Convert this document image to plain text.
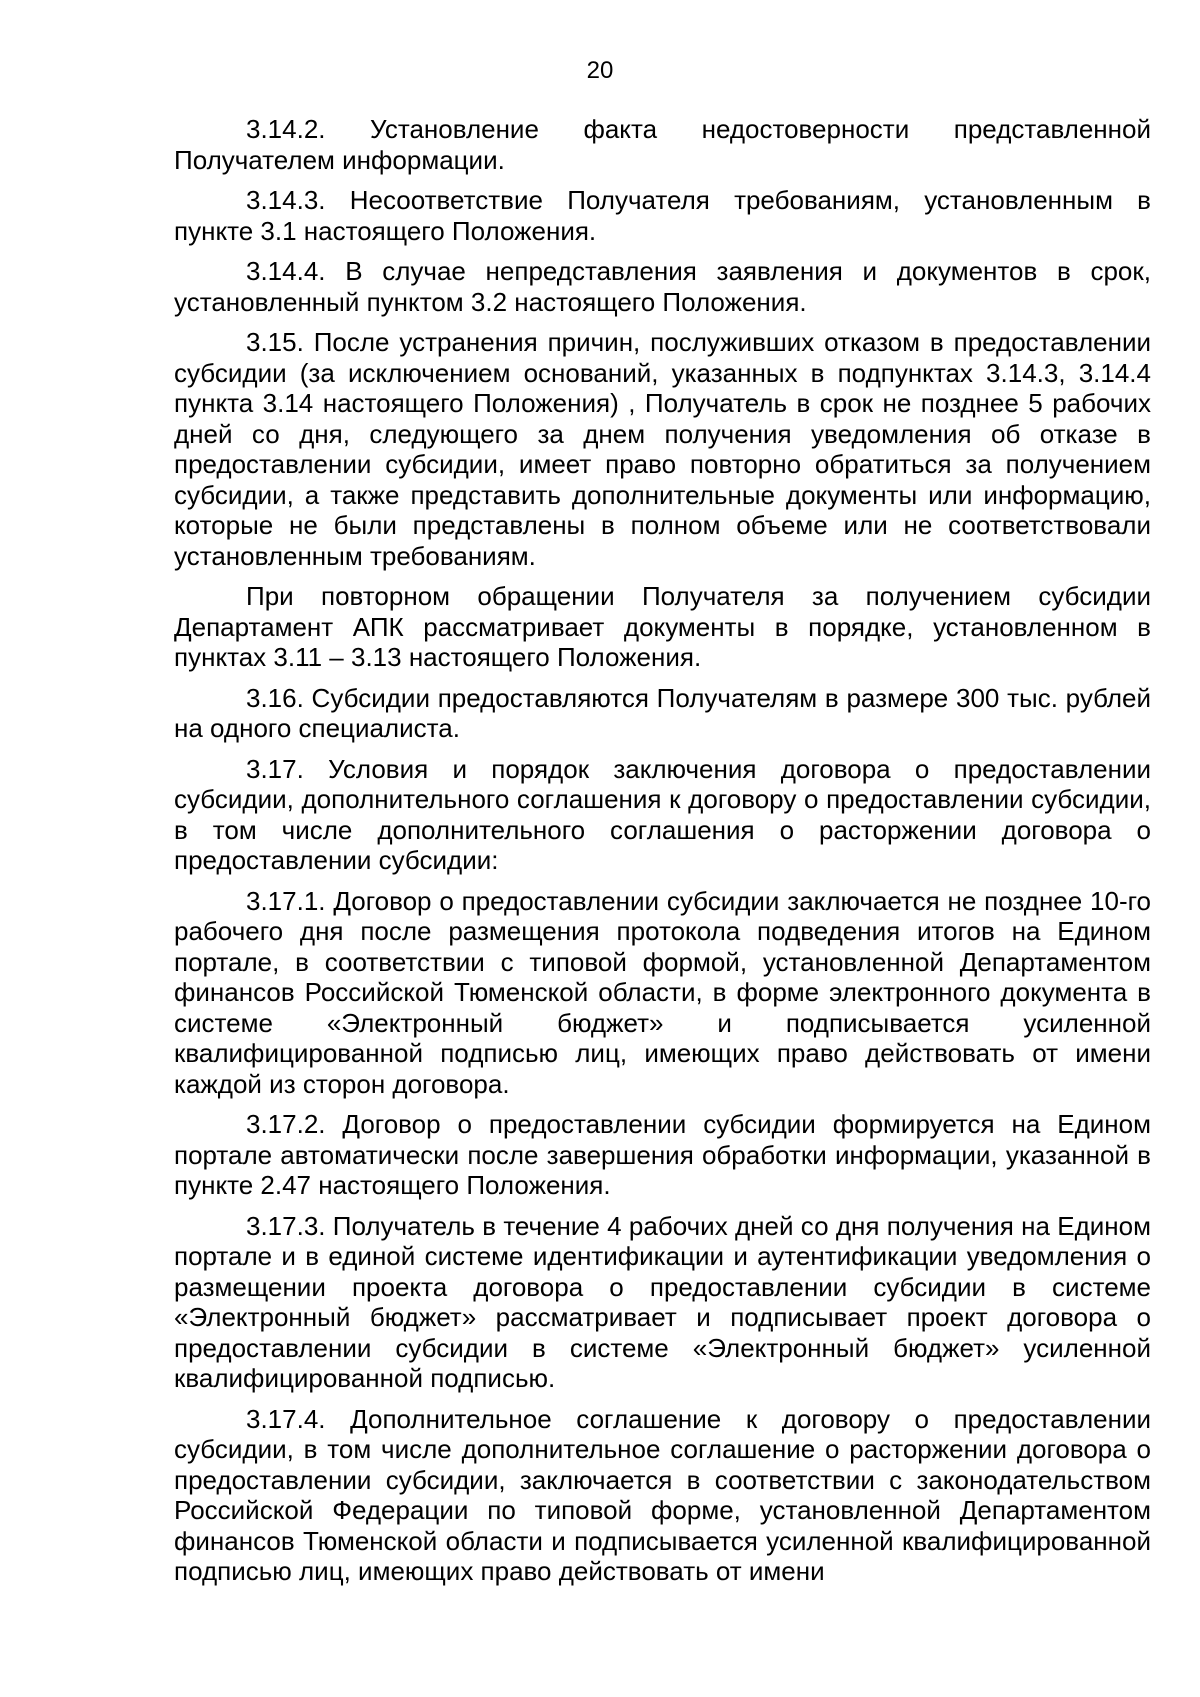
20

3.14.2. Установление факта недостоверности представленной Получателем информации.

3.14.3. Несоответствие Получателя требованиям, установленным в пункте 3.1 настоящего Положения.

3.14.4. В случае непредставления заявления и документов в срок, установленный пунктом 3.2 настоящего Положения.

3.15. После устранения причин, послуживших отказом в предоставлении субсидии (за исключением оснований, указанных в подпунктах 3.14.3, 3.14.4 пункта 3.14 настоящего Положения) , Получатель в срок не позднее 5 рабочих дней со дня, следующего за днем получения уведомления об отказе в предоставлении субсидии, имеет право повторно обратиться за получением субсидии, а также представить дополнительные документы или информацию, которые не были представлены в полном объеме или не соответствовали установленным требованиям.

При повторном обращении Получателя за получением субсидии Департамент АПК рассматривает документы в порядке, установленном в пунктах 3.11 – 3.13 настоящего Положения.

3.16. Субсидии предоставляются Получателям в размере 300 тыс. рублей на одного специалиста.

3.17. Условия и порядок заключения договора о предоставлении субсидии, дополнительного соглашения к договору о предоставлении субсидии, в том числе дополнительного соглашения о расторжении договора о предоставлении субсидии:

3.17.1. Договор о предоставлении субсидии заключается не позднее 10-го рабочего дня после размещения протокола подведения итогов на Едином портале, в соответствии с типовой формой, установленной Департаментом финансов Российской Тюменской области, в форме электронного документа в системе «Электронный бюджет» и подписывается усиленной квалифицированной подписью лиц, имеющих право действовать от имени каждой из сторон договора.

3.17.2. Договор о предоставлении субсидии формируется на Едином портале автоматически после завершения обработки информации, указанной в пункте 2.47 настоящего Положения.

3.17.3. Получатель в течение 4 рабочих дней со дня получения на Едином портале и в единой системе идентификации и аутентификации уведомления о размещении проекта договора о предоставлении субсидии в системе «Электронный бюджет» рассматривает и подписывает проект договора о предоставлении субсидии в системе «Электронный бюджет» усиленной квалифицированной подписью.

3.17.4. Дополнительное соглашение к договору о предоставлении субсидии, в том числе дополнительное соглашение о расторжении договора о предоставлении субсидии, заключается в соответствии с законодательством Российской Федерации по типовой форме, установленной Департаментом финансов Тюменской области и подписывается усиленной квалифицированной подписью лиц, имеющих право действовать от имени
